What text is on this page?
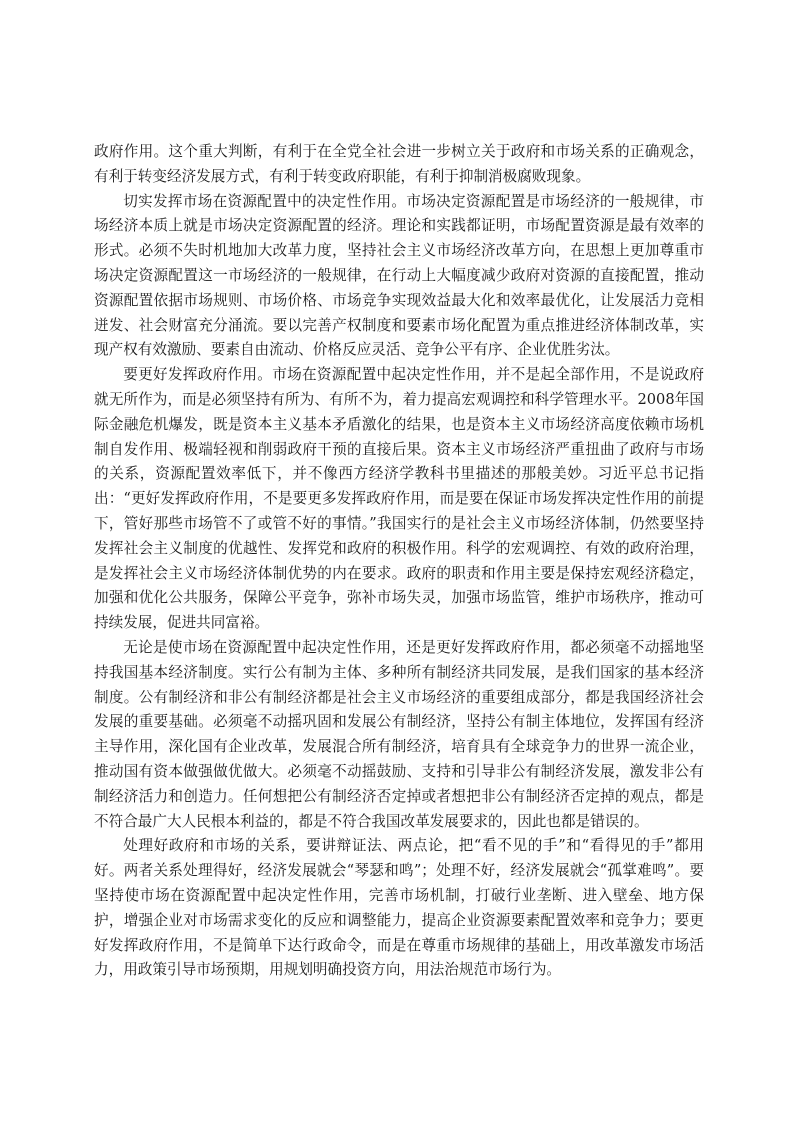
政府作用。这个重大判断，有利于在全党全社会进一步树立关于政府和市场关系的正确观念，有利于转变经济发展方式，有利于转变政府职能，有利于抑制消极腐败现象。

切实发挥市场在资源配置中的决定性作用。市场决定资源配置是市场经济的一般规律，市场经济本质上就是市场决定资源配置的经济。理论和实践都证明，市场配置资源是最有效率的形式。必须不失时机地加大改革力度，坚持社会主义市场经济改革方向，在思想上更加尊重市场决定资源配置这一市场经济的一般规律，在行动上大幅度减少政府对资源的直接配置，推动资源配置依据市场规则、市场价格、市场竞争实现效益最大化和效率最优化，让发展活力竞相迸发、社会财富充分涌流。要以完善产权制度和要素市场化配置为重点推进经济体制改革，实现产权有效激励、要素自由流动、价格反应灵活、竞争公平有序、企业优胜劣汰。

要更好发挥政府作用。市场在资源配置中起决定性作用，并不是起全部作用，不是说政府就无所作为，而是必须坚持有所为、有所不为，着力提高宏观调控和科学管理水平。2008年国际金融危机爆发，既是资本主义基本矛盾激化的结果，也是资本主义市场经济高度依赖市场机制自发作用、极端轻视和削弱政府干预的直接后果。资本主义市场经济严重扭曲了政府与市场的关系，资源配置效率低下，并不像西方经济学教科书里描述的那般美妙。习近平总书记指出：“更好发挥政府作用，不是要更多发挥政府作用，而是要在保证市场发挥决定性作用的前提下，管好那些市场管不了或管不好的事情。”我国实行的是社会主义市场经济体制，仍然要坚持发挥社会主义制度的优越性、发挥党和政府的积极作用。科学的宏观调控、有效的政府治理，是发挥社会主义市场经济体制优势的内在要求。政府的职责和作用主要是保持宏观经济稳定，加强和优化公共服务，保障公平竞争，弥补市场失灵，加强市场监管，维护市场秩序，推动可持续发展，促进共同富裕。

无论是使市场在资源配置中起决定性作用，还是更好发挥政府作用，都必须毫不动摇地坚持我国基本经济制度。实行公有制为主体、多种所有制经济共同发展，是我们国家的基本经济制度。公有制经济和非公有制经济都是社会主义市场经济的重要组成部分，都是我国经济社会发展的重要基础。必须毫不动摇巩固和发展公有制经济，坚持公有制主体地位，发挥国有经济主导作用，深化国有企业改革，发展混合所有制经济，培育具有全球竞争力的世界一流企业，推动国有资本做强做优做大。必须毫不动摇鼓励、支持和引导非公有制经济发展，激发非公有制经济活力和创造力。任何想把公有制经济否定掉或者想把非公有制经济否定掉的观点，都是不符合最广大人民根本利益的，都是不符合我国改革发展要求的，因此也都是错误的。

处理好政府和市场的关系，要讲辩证法、两点论，把“看不见的手”和“看得见的手”都用好。两者关系处理得好，经济发展就会“琴瑟和鸣”；处理不好，经济发展就会“孤掌难鸣”。要坚持使市场在资源配置中起决定性作用，完善市场机制，打破行业垄断、进入壁垒、地方保护，增强企业对市场需求变化的反应和调整能力，提高企业资源要素配置效率和竞争力；要更好发挥政府作用，不是简单下达行政命令，而是在尊重市场规律的基础上，用改革激发市场活力，用政策引导市场预期，用规划明确投资方向，用法治规范市场行为。
